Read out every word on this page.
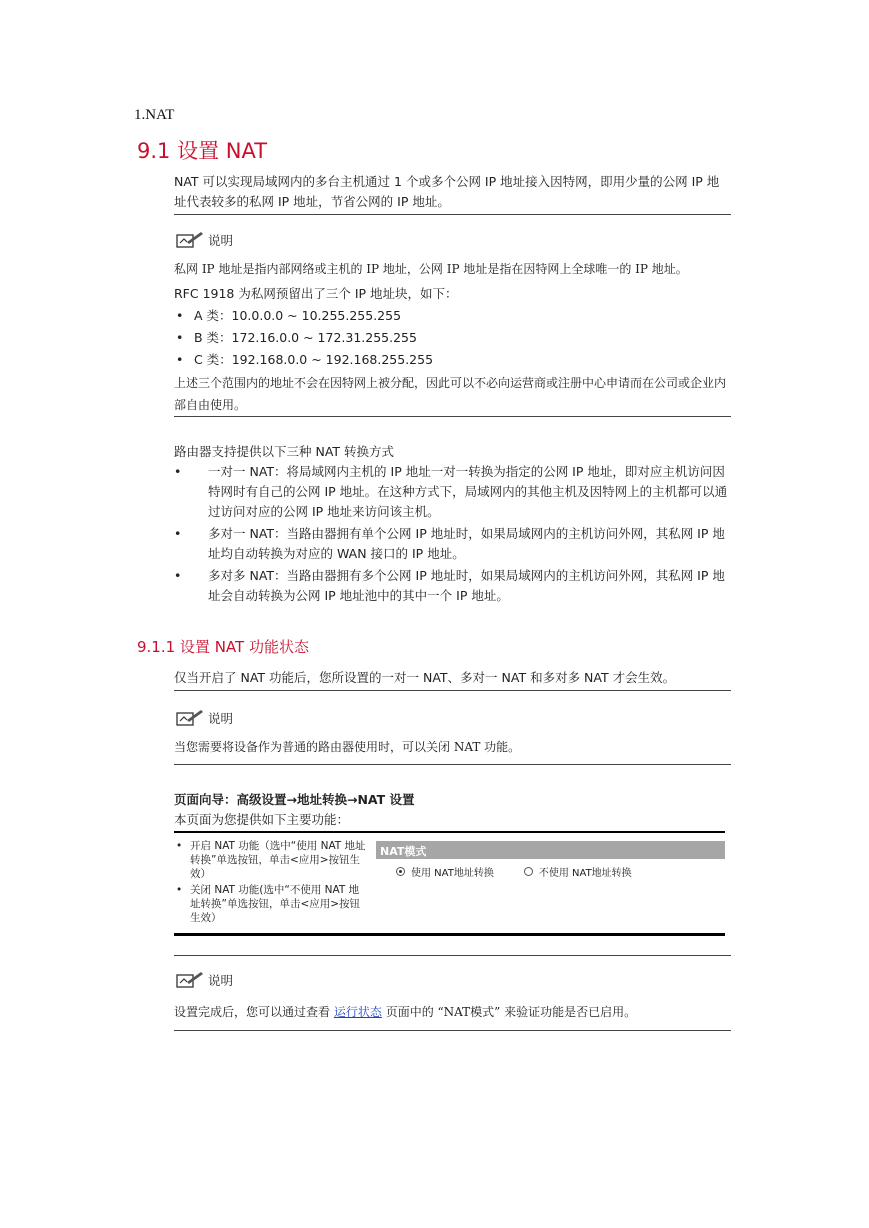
1.NAT
9.1 设置 NAT
NAT 可以实现局域网内的多台主机通过 1 个或多个公网 IP 地址接入因特网，即用少量的公网 IP 地址代表较多的私网 IP 地址，节省公网的 IP 地址。
说明
私网 IP 地址是指内部网络或主机的 IP 地址，公网 IP 地址是指在因特网上全球唯一的 IP 地址。
RFC 1918 为私网预留出了三个 IP 地址块，如下：
• A 类：10.0.0.0 ~ 10.255.255.255
• B 类：172.16.0.0 ~ 172.31.255.255
• C 类：192.168.0.0 ~ 192.168.255.255
上述三个范围内的地址不会在因特网上被分配，因此可以不必向运营商或注册中心申请而在公司或企业内部自由使用。
路由器支持提供以下三种 NAT 转换方式
• 一对一 NAT：将局域网内主机的 IP 地址一对一转换为指定的公网 IP 地址，即对应主机访问因特网时有自己的公网 IP 地址。在这种方式下，局域网内的其他主机及因特网上的主机都可以通过访问对应的公网 IP 地址来访问该主机。
• 多对一 NAT：当路由器拥有单个公网 IP 地址时，如果局域网内的主机访问外网，其私网 IP 地址均自动转换为对应的 WAN 接口的 IP 地址。
• 多对多 NAT：当路由器拥有多个公网 IP 地址时，如果局域网内的主机访问外网，其私网 IP 地址会自动转换为公网 IP 地址池中的其中一个 IP 地址。
9.1.1 设置 NAT 功能状态
仅当开启了 NAT 功能后，您所设置的一对一 NAT、多对一 NAT 和多对多 NAT 才会生效。
说明
当您需要将设备作为普通的路由器使用时，可以关闭 NAT 功能。
页面向导：高级设置→地址转换→NAT 设置
本页面为您提供如下主要功能：
• 开启 NAT 功能（选中“使用 NAT 地址转换”单选按钮，单击<应用>按钮生效）
• 关闭 NAT 功能(选中“不使用 NAT 地址转换”单选按钮，单击<应用>按钮生效）
NAT模式
使用 NAT地址转换	不使用 NAT地址转换
说明
设置完成后，您可以通过查看 运行状态 页面中的 “NAT模式” 来验证功能是否已启用。
